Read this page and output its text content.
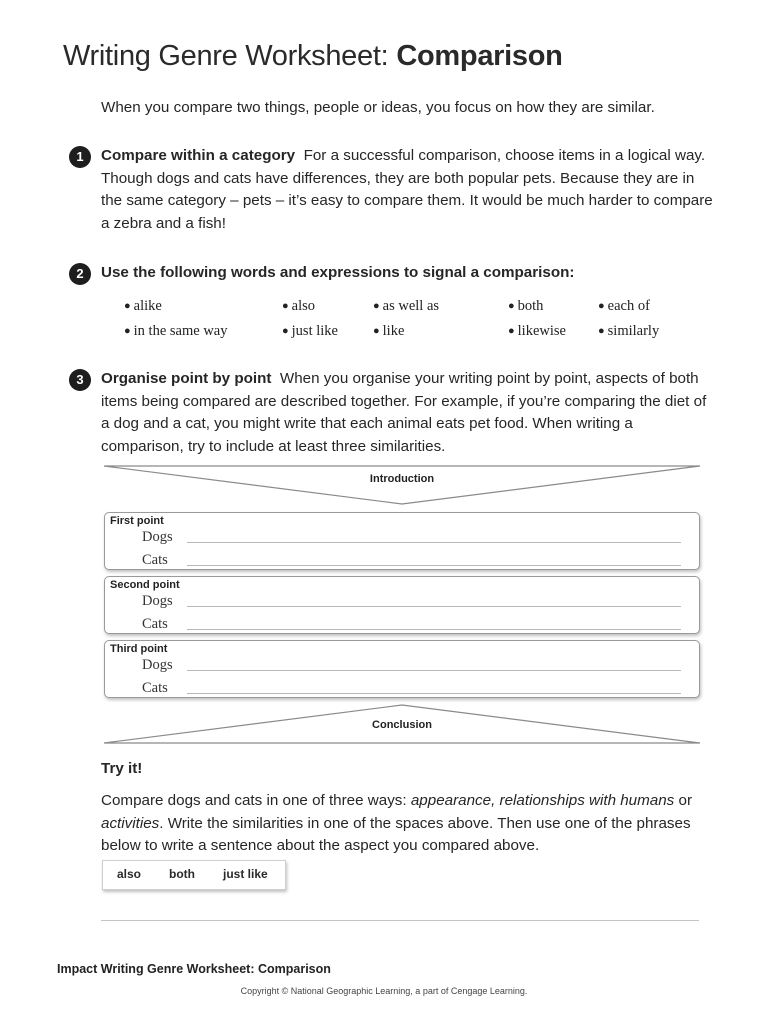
Writing Genre Worksheet: Comparison
When you compare two things, people or ideas, you focus on how they are similar.
1	Compare within a category For a successful comparison, choose items in a logical way. Though dogs and cats have differences, they are both popular pets. Because they are in the same category – pets – it’s easy to compare them. It would be much harder to compare a zebra and a fish!
2	Use the following words and expressions to signal a comparison:
● alike	● also	● as well as	● both	● each of
● in the same way	● just like	● like	● likewise	● similarly
3	Organise point by point When you organise your writing point by point, aspects of both items being compared are described together. For example, if you’re comparing the diet of a dog and a cat, you might write that each animal eats pet food. When writing a comparison, try to include at least three similarities.
Introduction
First point
Dogs
Cats
Second point
Dogs
Cats
Third point
Dogs
Cats
Conclusion
Try it!
Compare dogs and cats in one of three ways: appearance, relationships with humans or
activities. Write the similarities in one of the spaces above. Then use one of the phrases
below to write a sentence about the aspect you compared above.
also both just like
Impact Writing Genre Worksheet: Comparison
Copyright © National Geographic Learning, a part of Cengage Learning.
